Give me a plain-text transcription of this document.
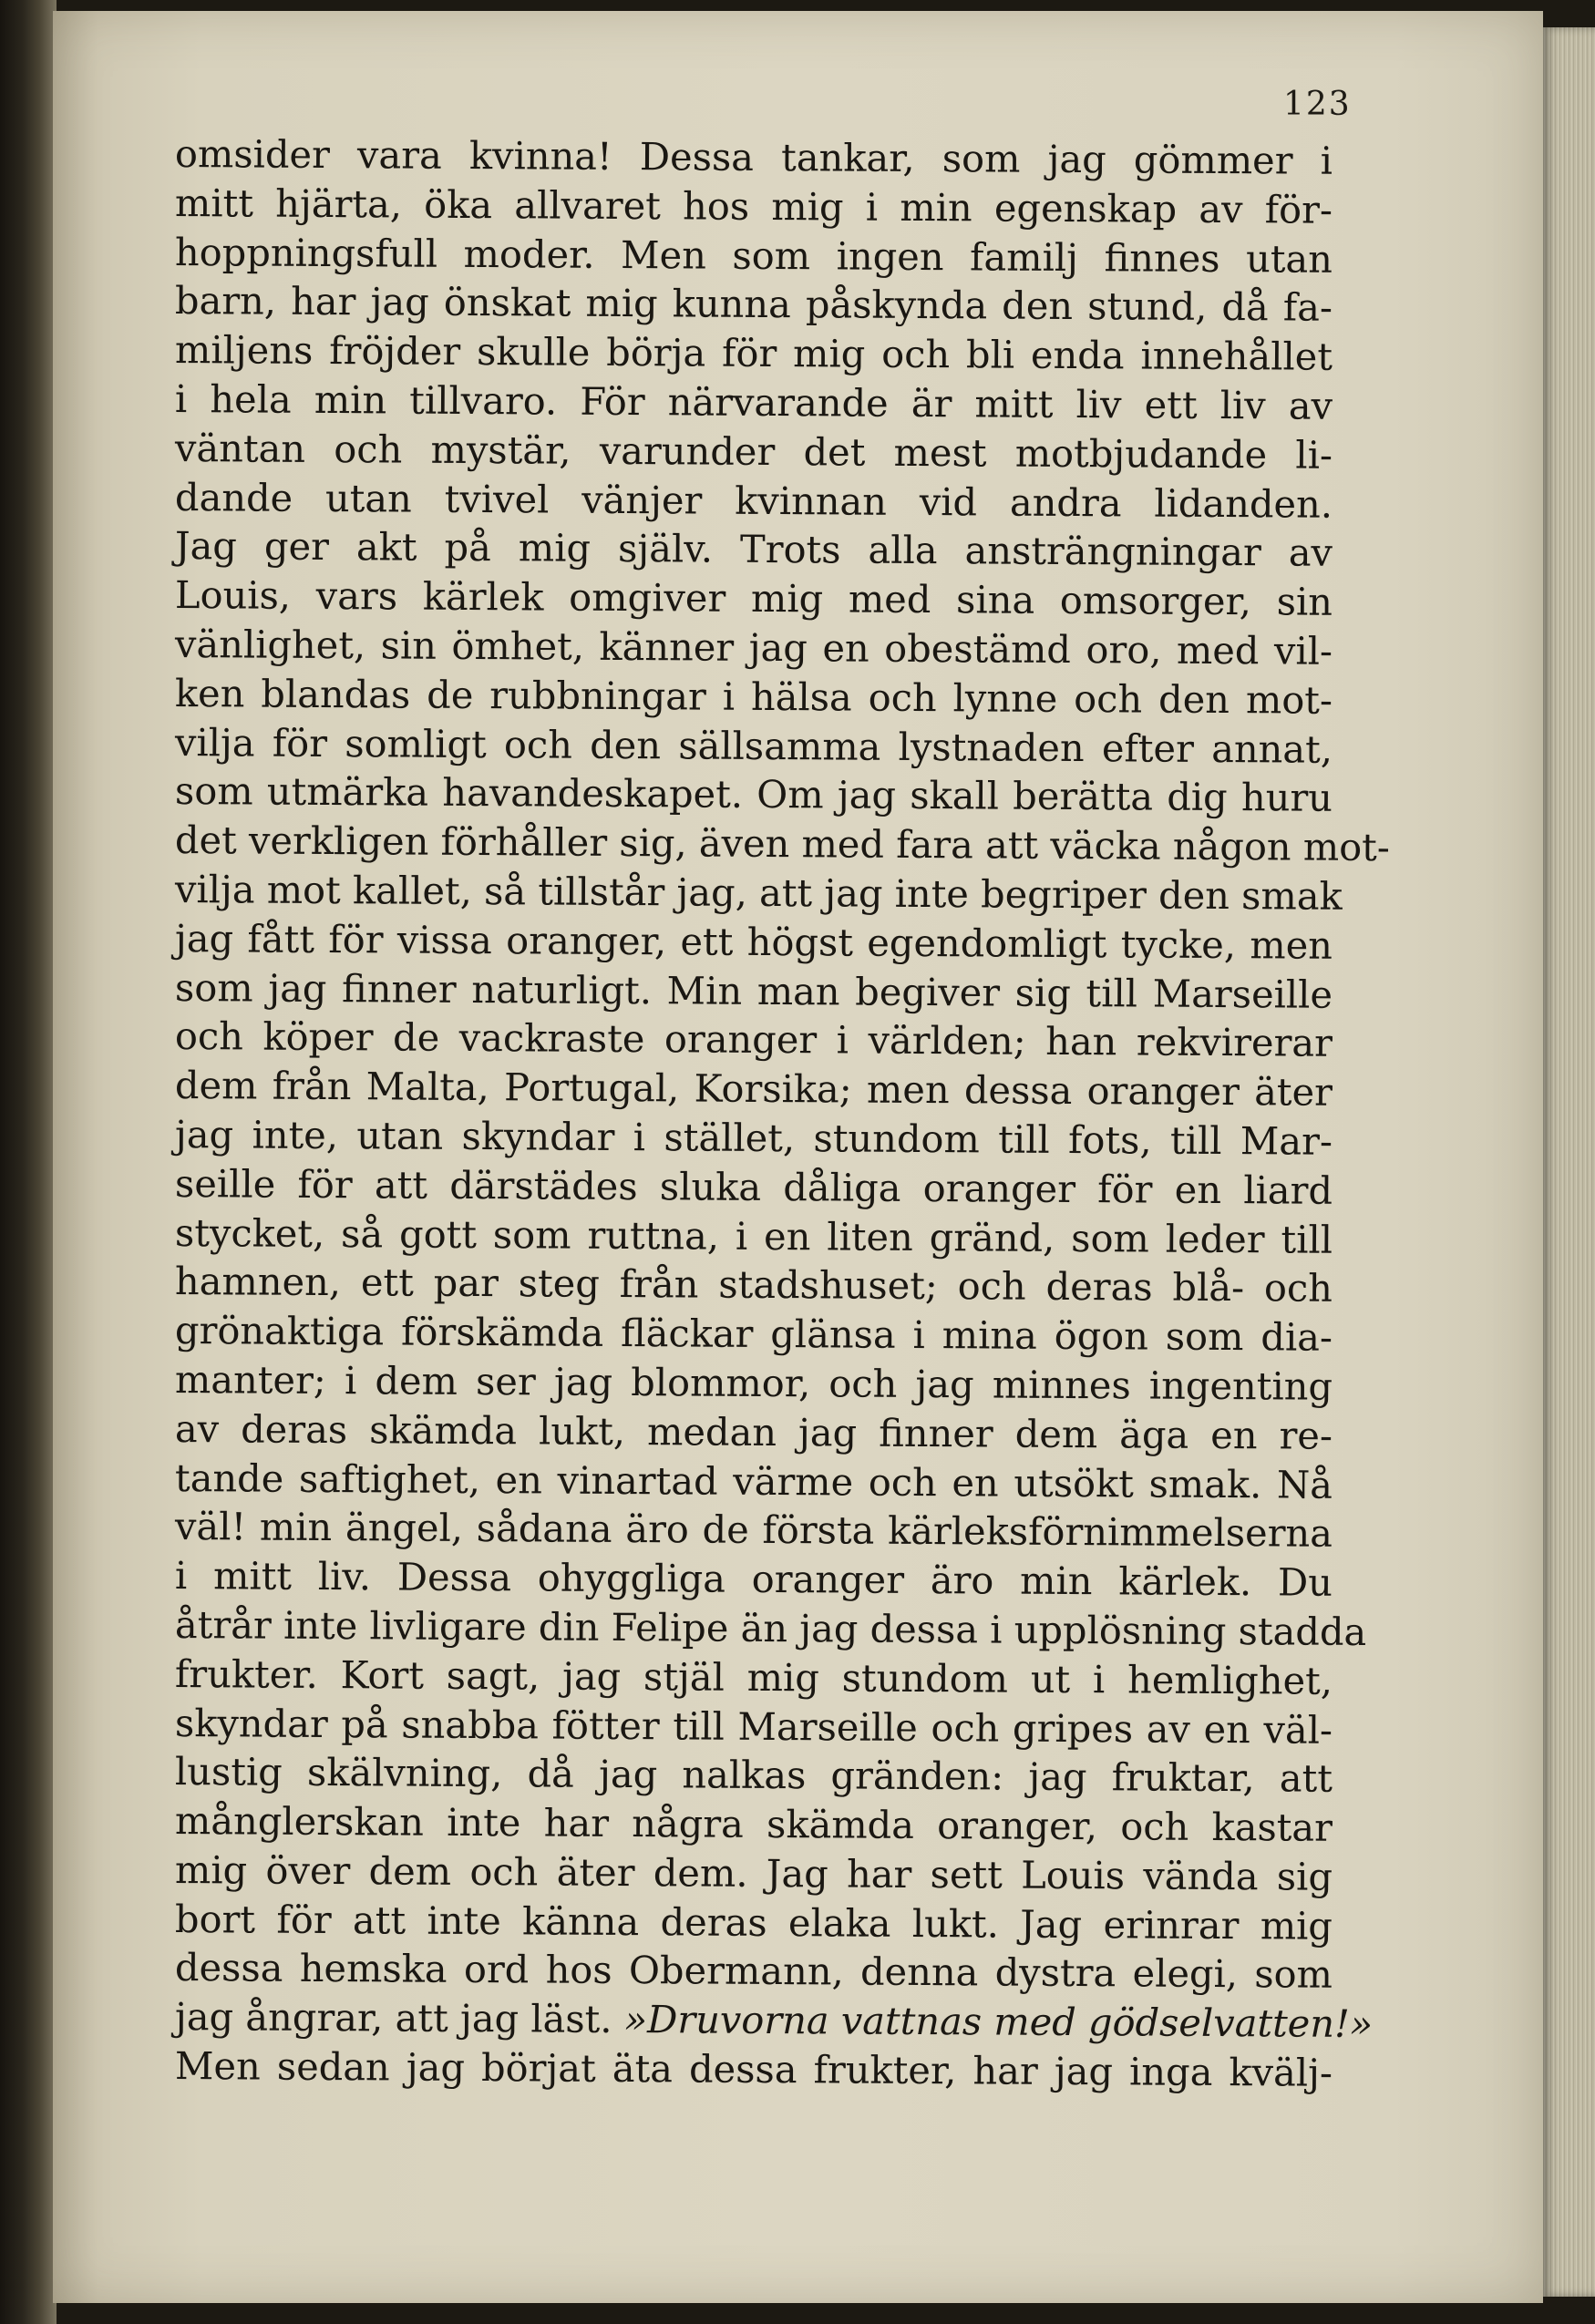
123
omsider vara kvinna! Dessa tankar, som jag gömmer i
mitt hjärta, öka allvaret hos mig i min egenskap av för-
hoppningsfull moder. Men som ingen familj finnes utan
barn, har jag önskat mig kunna påskynda den stund, då fa-
miljens fröjder skulle börja för mig och bli enda innehållet
i hela min tillvaro. För närvarande är mitt liv ett liv av
väntan och mystär, varunder det mest motbjudande li-
dande utan tvivel vänjer kvinnan vid andra lidanden.
Jag ger akt på mig själv. Trots alla ansträngningar av
Louis, vars kärlek omgiver mig med sina omsorger, sin
vänlighet, sin ömhet, känner jag en obestämd oro, med vil-
ken blandas de rubbningar i hälsa och lynne och den mot-
vilja för somligt och den sällsamma lystnaden efter annat,
som utmärka havandeskapet. Om jag skall berätta dig huru
det verkligen förhåller sig, även med fara att väcka någon mot-
vilja mot kallet, så tillstår jag, att jag inte begriper den smak
jag fått för vissa oranger, ett högst egendomligt tycke, men
som jag finner naturligt. Min man begiver sig till Marseille
och köper de vackraste oranger i världen; han rekvirerar
dem från Malta, Portugal, Korsika; men dessa oranger äter
jag inte, utan skyndar i stället, stundom till fots, till Mar-
seille för att därstädes sluka dåliga oranger för en liard
stycket, så gott som ruttna, i en liten gränd, som leder till
hamnen, ett par steg från stadshuset; och deras blå- och
grönaktiga förskämda fläckar glänsa i mina ögon som dia-
manter; i dem ser jag blommor, och jag minnes ingenting
av deras skämda lukt, medan jag finner dem äga en re-
tande saftighet, en vinartad värme och en utsökt smak. Nå
väl! min ängel, sådana äro de första kärleksförnimmelserna
i mitt liv. Dessa ohyggliga oranger äro min kärlek. Du
åtrår inte livligare din Felipe än jag dessa i upplösning stadda
frukter. Kort sagt, jag stjäl mig stundom ut i hemlighet,
skyndar på snabba fötter till Marseille och gripes av en väl-
lustig skälvning, då jag nalkas gränden: jag fruktar, att
månglerskan inte har några skämda oranger, och kastar
mig över dem och äter dem. Jag har sett Louis vända sig
bort för att inte känna deras elaka lukt. Jag erinrar mig
dessa hemska ord hos Obermann, denna dystra elegi, som
jag ångrar, att jag läst. »Druvorna vattnas med gödselvatten!»
Men sedan jag börjat äta dessa frukter, har jag inga kvälj-
